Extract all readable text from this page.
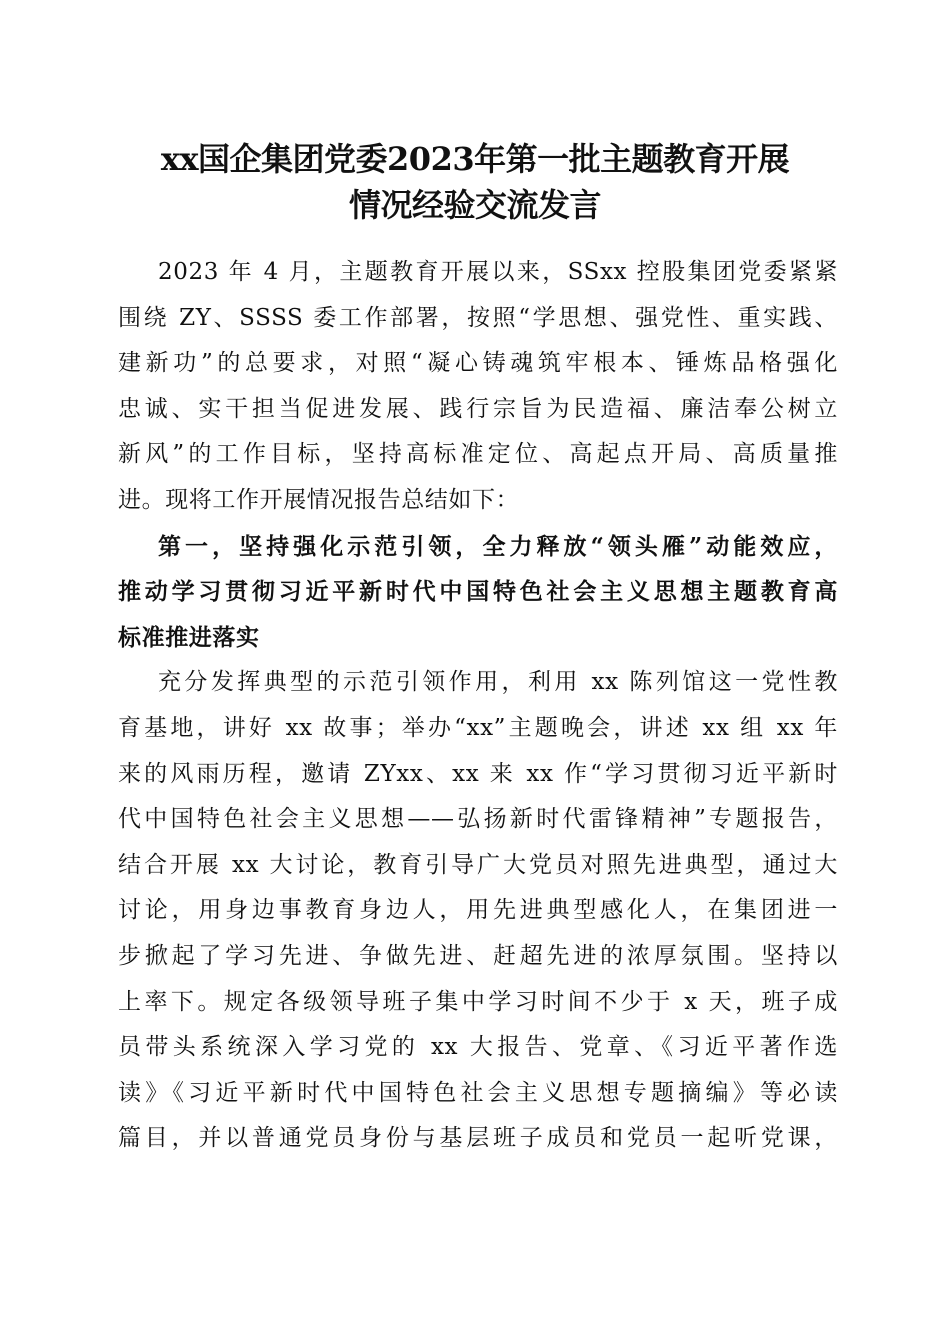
xx国企集团党委2023年第一批主题教育开展
情况经验交流发言
2023 年 4 月，主题教育开展以来，SSxx 控股集团党委紧紧
围绕 ZY、SSSS 委工作部署，按照“学思想、强党性、重实践、
建新功”的总要求，对照“凝心铸魂筑牢根本、锤炼品格强化
忠诚、实干担当促进发展、践行宗旨为民造福、廉洁奉公树立
新风”的工作目标，坚持高标准定位、高起点开局、高质量推
进。现将工作开展情况报告总结如下：
第一，坚持强化示范引领，全力释放“领头雁”动能效应，
推动学习贯彻习近平新时代中国特色社会主义思想主题教育高
标准推进落实
充分发挥典型的示范引领作用，利用 xx 陈列馆这一党性教
育基地，讲好 xx 故事；举办“xx”主题晚会，讲述 xx 组 xx 年
来的风雨历程，邀请 ZYxx、xx 来 xx 作“学习贯彻习近平新时
代中国特色社会主义思想——弘扬新时代雷锋精神”专题报告，
结合开展 xx 大讨论，教育引导广大党员对照先进典型，通过大
讨论，用身边事教育身边人，用先进典型感化人，在集团进一
步掀起了学习先进、争做先进、赶超先进的浓厚氛围。坚持以
上率下。规定各级领导班子集中学习时间不少于 x 天，班子成
员带头系统深入学习党的 xx 大报告、党章、《习近平著作选
读》《习近平新时代中国特色社会主义思想专题摘编》等必读
篇目，并以普通党员身份与基层班子成员和党员一起听党课，
